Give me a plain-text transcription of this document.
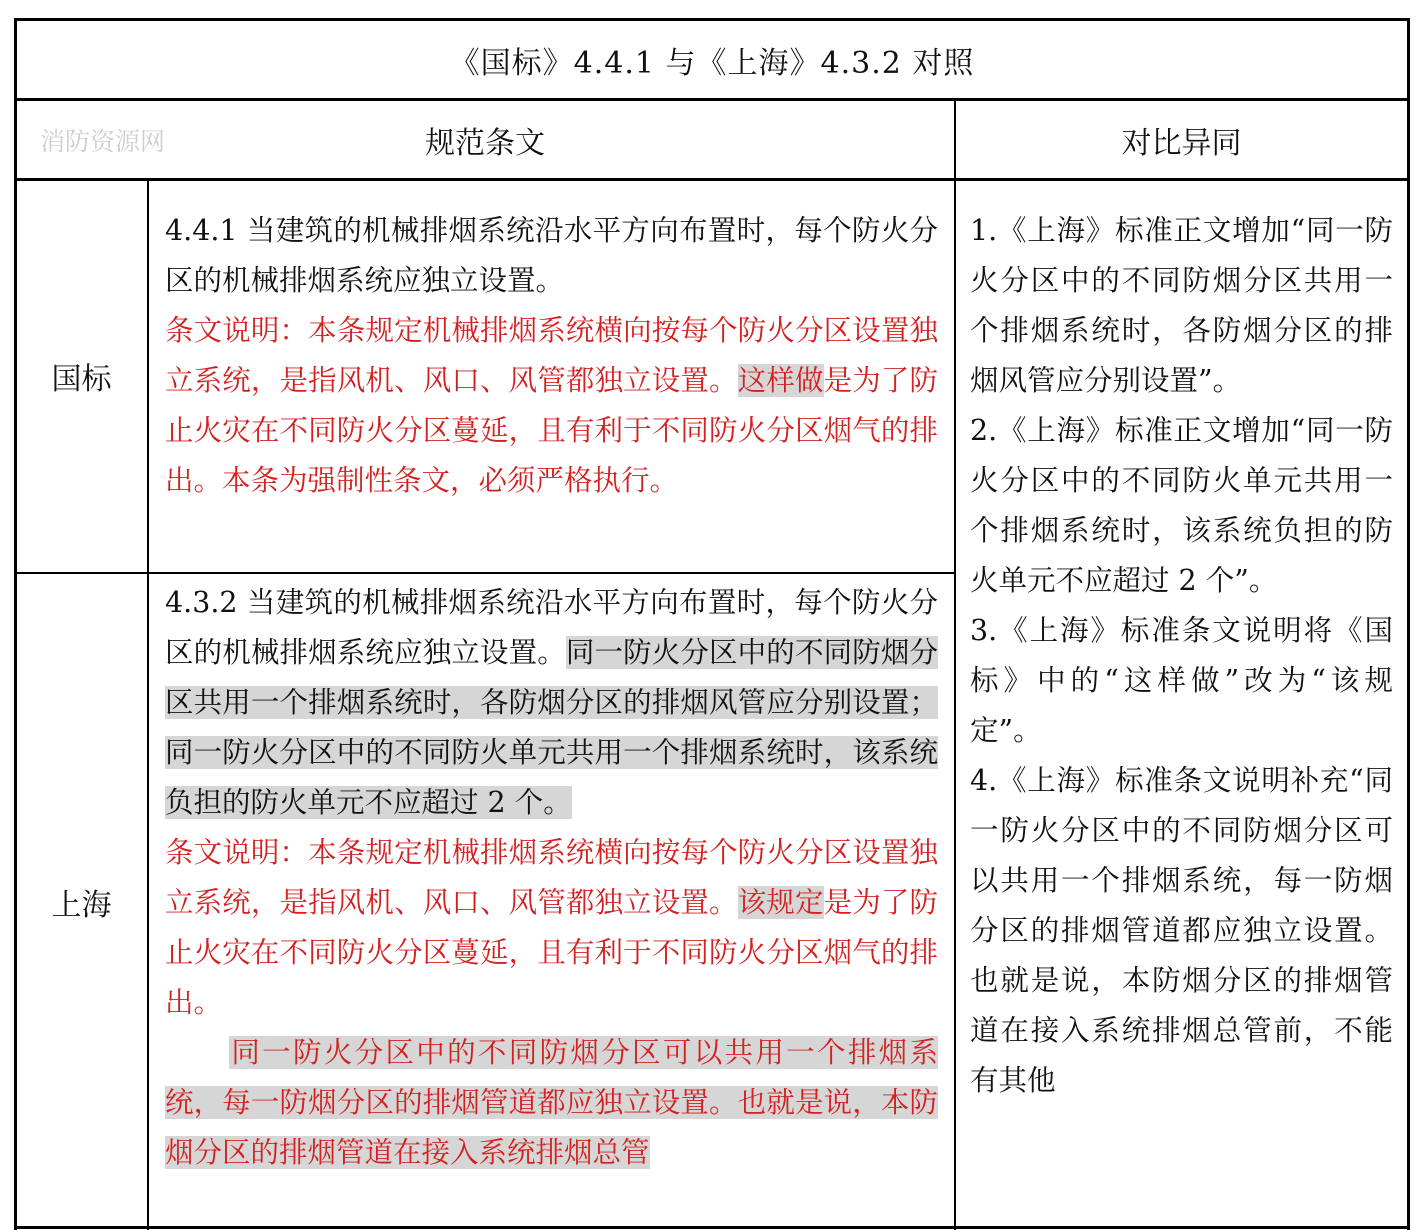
《国标》4.4.1 与《上海》4.3.2 对照
消防资源网	规范条文	对比异同
国标

4.4.1 当建筑的机械排烟系统沿水平方向布置时，每个防火分区的机械排烟系统应独立设置。

条文说明：本条规定机械排烟系统横向按每个防火分区设置独立系统，是指风机、风口、风管都独立设置。这样做是为了防止火灾在不同防火分区蔓延，且有利于不同防火分区烟气的排出。本条为强制性条文，必须严格执行。

上海

4.3.2 当建筑的机械排烟系统沿水平方向布置时，每个防火分区的机械排烟系统应独立设置。同一防火分区中的不同防烟分区共用一个排烟系统时，各防烟分区的排烟风管应分别设置；同一防火分区中的不同防火单元共用一个排烟系统时，该系统负担的防火单元不应超过 2 个。

条文说明：本条规定机械排烟系统横向按每个防火分区设置独立系统，是指风机、风口、风管都独立设置。该规定是为了防止火灾在不同防火分区蔓延，且有利于不同防火分区烟气的排出。

同一防火分区中的不同防烟分区可以共用一个排烟系统，每一防烟分区的排烟管道都应独立设置。也就是说，本防烟分区的排烟管道在接入系统排烟总管

1.《上海》标准正文增加“同一防火分区中的不同防烟分区共用一个排烟系统时，各防烟分区的排烟风管应分别设置”。

2.《上海》标准正文增加“同一防火分区中的不同防火单元共用一个排烟系统时，该系统负担的防火单元不应超过 2 个”。

3.《上海》标准条文说明将《国标》中的“这样做”改为“该规定”。

4.《上海》标准条文说明补充“同一防火分区中的不同防烟分区可以共用一个排烟系统，每一防烟分区的排烟管道都应独立设置。也就是说，本防烟分区的排烟管道在接入系统排烟总管前，不能有其他
